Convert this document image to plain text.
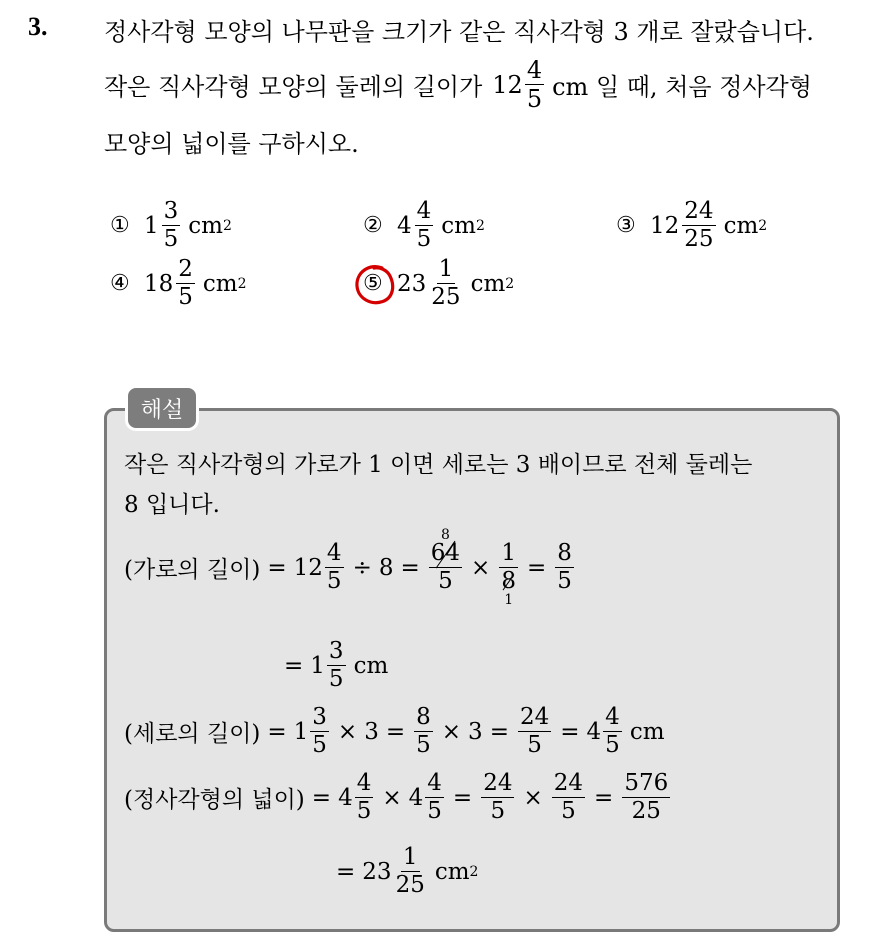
3. 정사각형 모양의 나무판을 크기가 같은 직사각형 3 개로 잘랐습니다.
작은 직사각형 모양의 둘레의 길이가 $12 \frac{4}{5}$ cm 일 때, 처음 정사각형
모양의 넓이를 구하시오.
① $1 \frac{3}{5}$ cm 2	② $4 \frac{4}{5}$ cm 2	③ $12 \frac{24}{25}$ cm 2
④ $18 \frac{2}{5}$ cm 2	⑤ $23 \frac{1}{25}$ cm 2
해설
작은 직사각형의 가로가 1 이면 세로는 3 배이므로 전체 둘레는
8 입니다.
(가로의 길이) = $12 \frac{4}{5} \div 8$ =
8
$\frac{64}{5} \times \frac{1}{8}$
1
= $\frac{8}{5}$
= $1 \frac{3}{5}$ cm
(세로의 길이) = $1 \frac{3}{5} \times 3 = \frac{8}{5} \times 3 = \frac{24}{5} = 4 \frac{4}{5}$ cm
(정사각형의 넓이) = $4 \frac{4}{5} \times 4 \frac{4}{5} = \frac{24}{5} \times \frac{24}{5} = \frac{576}{25}$
= $23 \frac{1}{25}$ cm 2
